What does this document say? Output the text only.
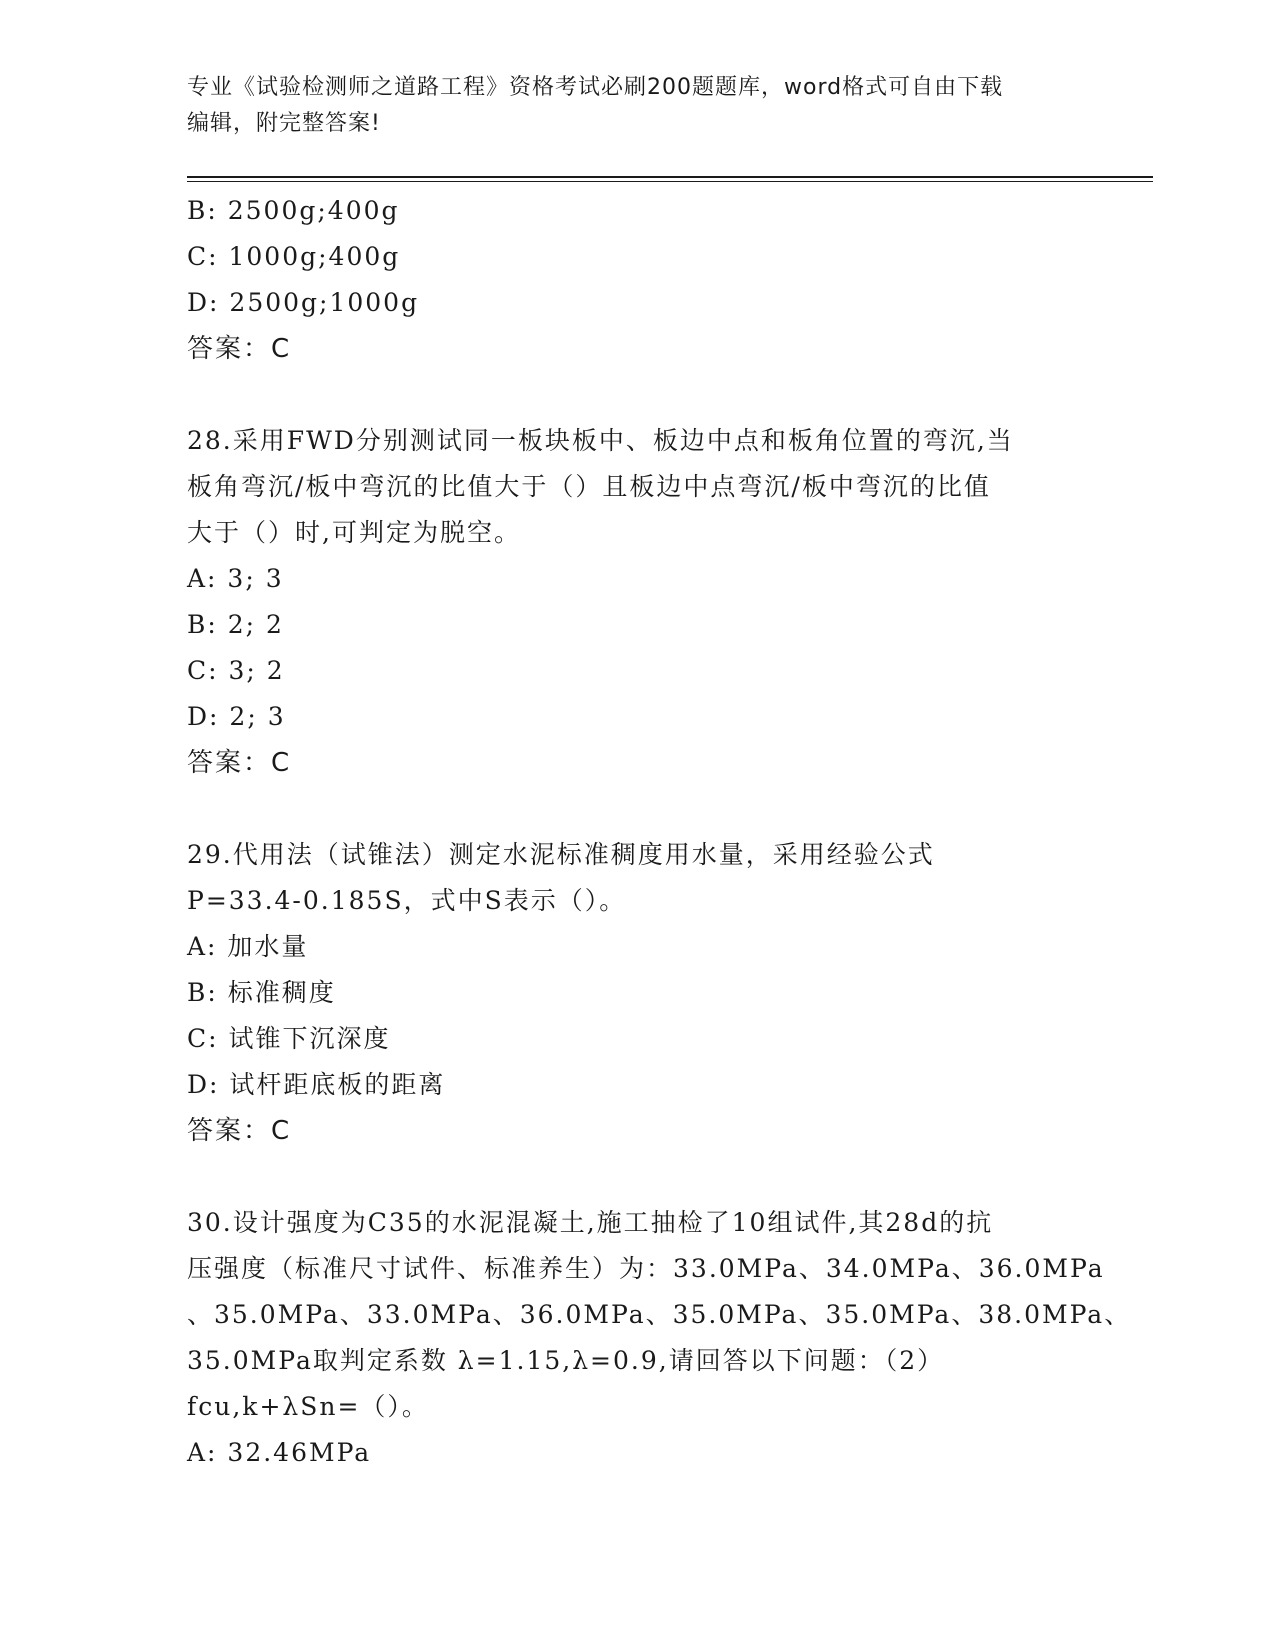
专业《试验检测师之道路工程》资格考试必刷200题题库，word格式可自由下载
编辑，附完整答案!
B: 2500g;400g
C: 1000g;400g
D: 2500g;1000g
答案：C
28.采用FWD分别测试同一板块板中、板边中点和板角位置的弯沉,当
板角弯沉/板中弯沉的比值大于（）且板边中点弯沉/板中弯沉的比值
大于（）时,可判定为脱空。
A: 3; 3
B: 2; 2
C: 3; 2
D: 2; 3
答案：C
29.代用法（试锥法）测定水泥标准稠度用水量，采用经验公式
P=33.4-0.185S，式中S表示（）。
A: 加水量
B: 标准稠度
C: 试锥下沉深度
D: 试杆距底板的距离
答案：C
30.设计强度为C35的水泥混凝土,施工抽检了10组试件,其28d的抗
压强度（标准尺寸试件、标准养生）为：33.0MPa、34.0MPa、36.0MPa
、35.0MPa、33.0MPa、36.0MPa、35.0MPa、35.0MPa、38.0MPa、
35.0MPa取判定系数 λ=1.15,λ=0.9,请回答以下问题：（2）
fcu,k+λSn=（）。
A: 32.46MPa
